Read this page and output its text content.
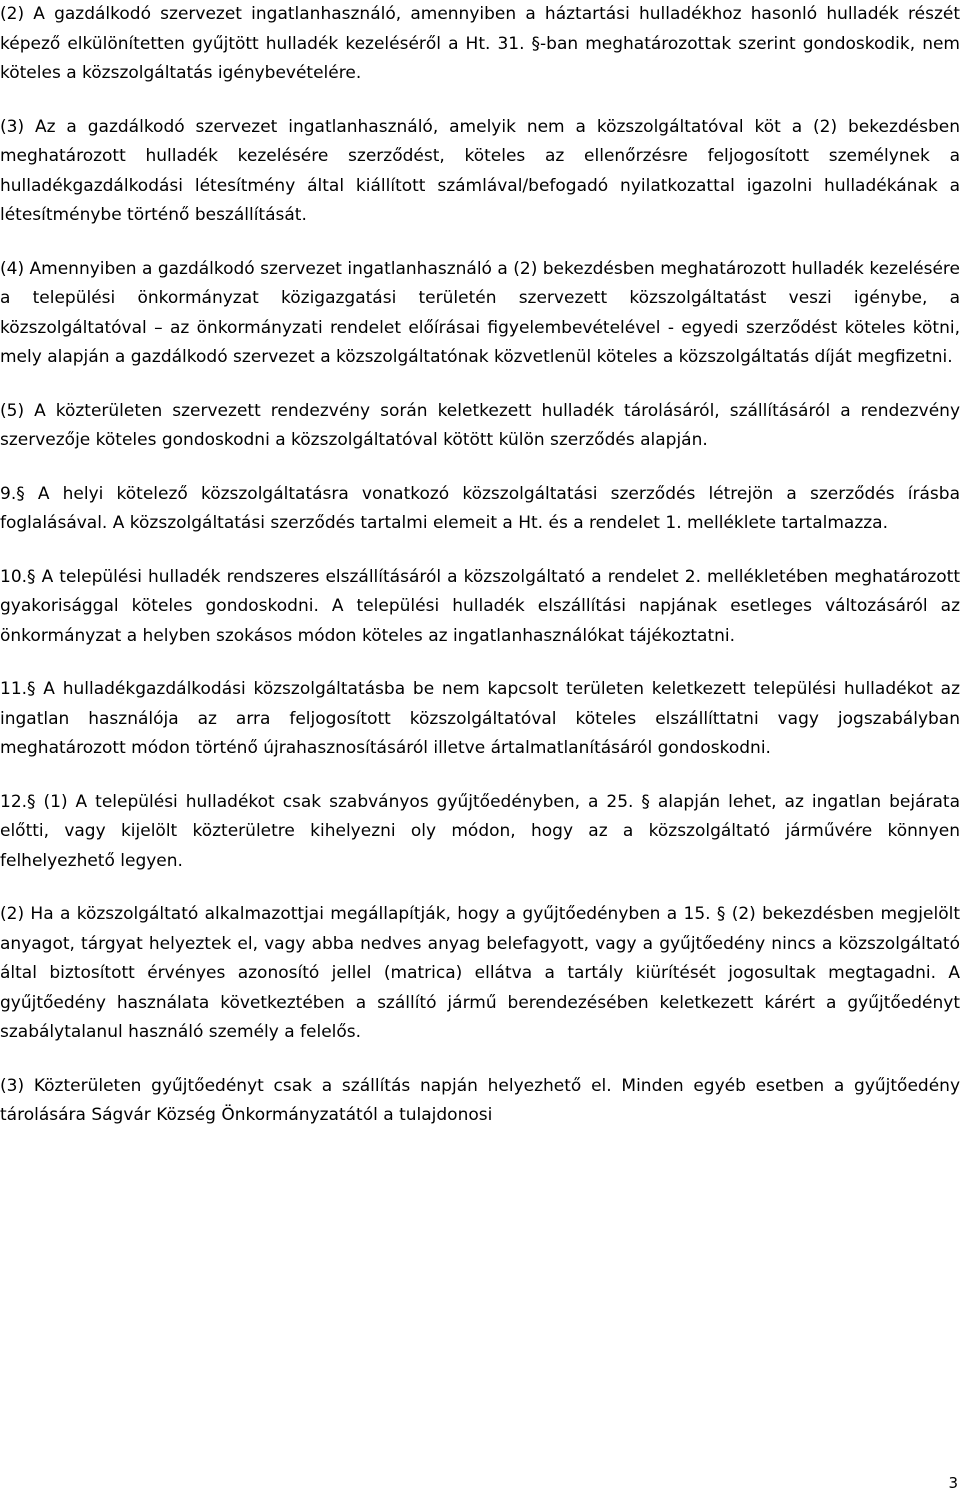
(2) A gazdálkodó szervezet ingatlanhasználó, amennyiben a háztartási hulladékhoz hasonló hulladék részét képező elkülönítetten gyűjtött hulladék kezeléséről a Ht. 31. §-ban meghatározottak szerint gondoskodik, nem köteles a közszolgáltatás igénybevételére.

(3) Az a gazdálkodó szervezet ingatlanhasználó, amelyik nem a közszolgáltatóval köt a (2) bekezdésben meghatározott hulladék kezelésére szerződést, köteles az ellenőrzésre feljogosított személynek a hulladékgazdálkodási létesítmény által kiállított számlával/befogadó nyilatkozattal igazolni hulladékának a létesítménybe történő beszállítását.

(4) Amennyiben a gazdálkodó szervezet ingatlanhasználó a (2) bekezdésben meghatározott hulladék kezelésére a települési önkormányzat közigazgatási területén szervezett közszolgáltatást veszi igénybe, a közszolgáltatóval – az önkormányzati rendelet előírásai figyelembevételével - egyedi szerződést köteles kötni, mely alapján a gazdálkodó szervezet a közszolgáltatónak közvetlenül köteles a közszolgáltatás díját megfizetni.

(5) A közterületen szervezett rendezvény során keletkezett hulladék tárolásáról, szállításáról a rendezvény szervezője köteles gondoskodni a közszolgáltatóval kötött külön szerződés alapján.

9.§ A helyi kötelező közszolgáltatásra vonatkozó közszolgáltatási szerződés létrejön a szerződés írásba foglalásával. A közszolgáltatási szerződés tartalmi elemeit a Ht. és a rendelet 1. melléklete tartalmazza.

10.§ A települési hulladék rendszeres elszállításáról a közszolgáltató a rendelet 2. mellékletében meghatározott gyakorisággal köteles gondoskodni. A települési hulladék elszállítási napjának esetleges változásáról az önkormányzat a helyben szokásos módon köteles az ingatlanhasználókat tájékoztatni.

11.§ A hulladékgazdálkodási közszolgáltatásba be nem kapcsolt területen keletkezett települési hulladékot az ingatlan használója az arra feljogosított közszolgáltatóval köteles elszállíttatni vagy jogszabályban meghatározott módon történő újrahasznosításáról illetve ártalmatlanításáról gondoskodni.

12.§ (1) A települési hulladékot csak szabványos gyűjtőedényben, a 25. § alapján lehet, az ingatlan bejárata előtti, vagy kijelölt közterületre kihelyezni oly módon, hogy az a közszolgáltató járművére könnyen felhelyezhető legyen.

(2) Ha a közszolgáltató alkalmazottjai megállapítják, hogy a gyűjtőedényben a 15. § (2) bekezdésben megjelölt anyagot, tárgyat helyeztek el, vagy abba nedves anyag belefagyott, vagy a gyűjtőedény nincs a közszolgáltató által biztosított érvényes azonosító jellel (matrica) ellátva a tartály kiürítését jogosultak megtagadni. A gyűjtőedény használata következtében a szállító jármű berendezésében keletkezett kárért a gyűjtőedényt szabálytalanul használó személy a felelős.

(3) Közterületen gyűjtőedényt csak a szállítás napján helyezhető el. Minden egyéb esetben a gyűjtőedény tárolására Ságvár Község Önkormányzatától a tulajdonosi

3
